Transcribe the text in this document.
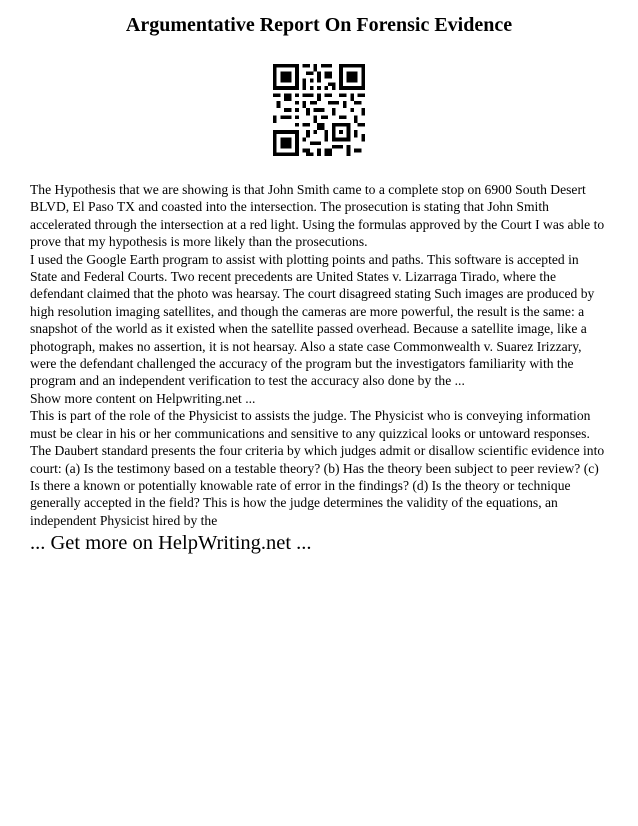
Argumentative Report On Forensic Evidence

The Hypothesis that we are showing is that John Smith came to a complete stop on 6900 South Desert BLVD, El Paso TX and coasted into the intersection. The prosecution is stating that John Smith accelerated through the intersection at a red light. Using the formulas approved by the Court I was able to prove that my hypothesis is more likely than the prosecutions.

I used the Google Earth program to assist with plotting points and paths. This software is accepted in State and Federal Courts. Two recent precedents are United States v. Lizarraga Tirado, where the defendant claimed that the photo was hearsay. The court disagreed stating Such images are produced by high resolution imaging satellites, and though the cameras are more powerful, the result is the same: a snapshot of the world as it existed when the satellite passed overhead. Because a satellite image, like a photograph, makes no assertion, it is not hearsay. Also a state case Commonwealth v. Suarez Irizzary, were the defendant challenged the accuracy of the program but the investigators familiarity with the program and an independent verification to test the accuracy also done by the ...

Show more content on Helpwriting.net ...

This is part of the role of the Physicist to assists the judge. The Physicist who is conveying information must be clear in his or her communications and sensitive to any quizzical looks or untoward responses. The Daubert standard presents the four criteria by which judges admit or disallow scientific evidence into court: (a) Is the testimony based on a testable theory? (b) Has the theory been subject to peer review? (c) Is there a known or potentially knowable rate of error in the findings? (d) Is the theory or technique generally accepted in the field? This is how the judge determines the validity of the equations, an independent Physicist hired by the

... Get more on HelpWriting.net ...
